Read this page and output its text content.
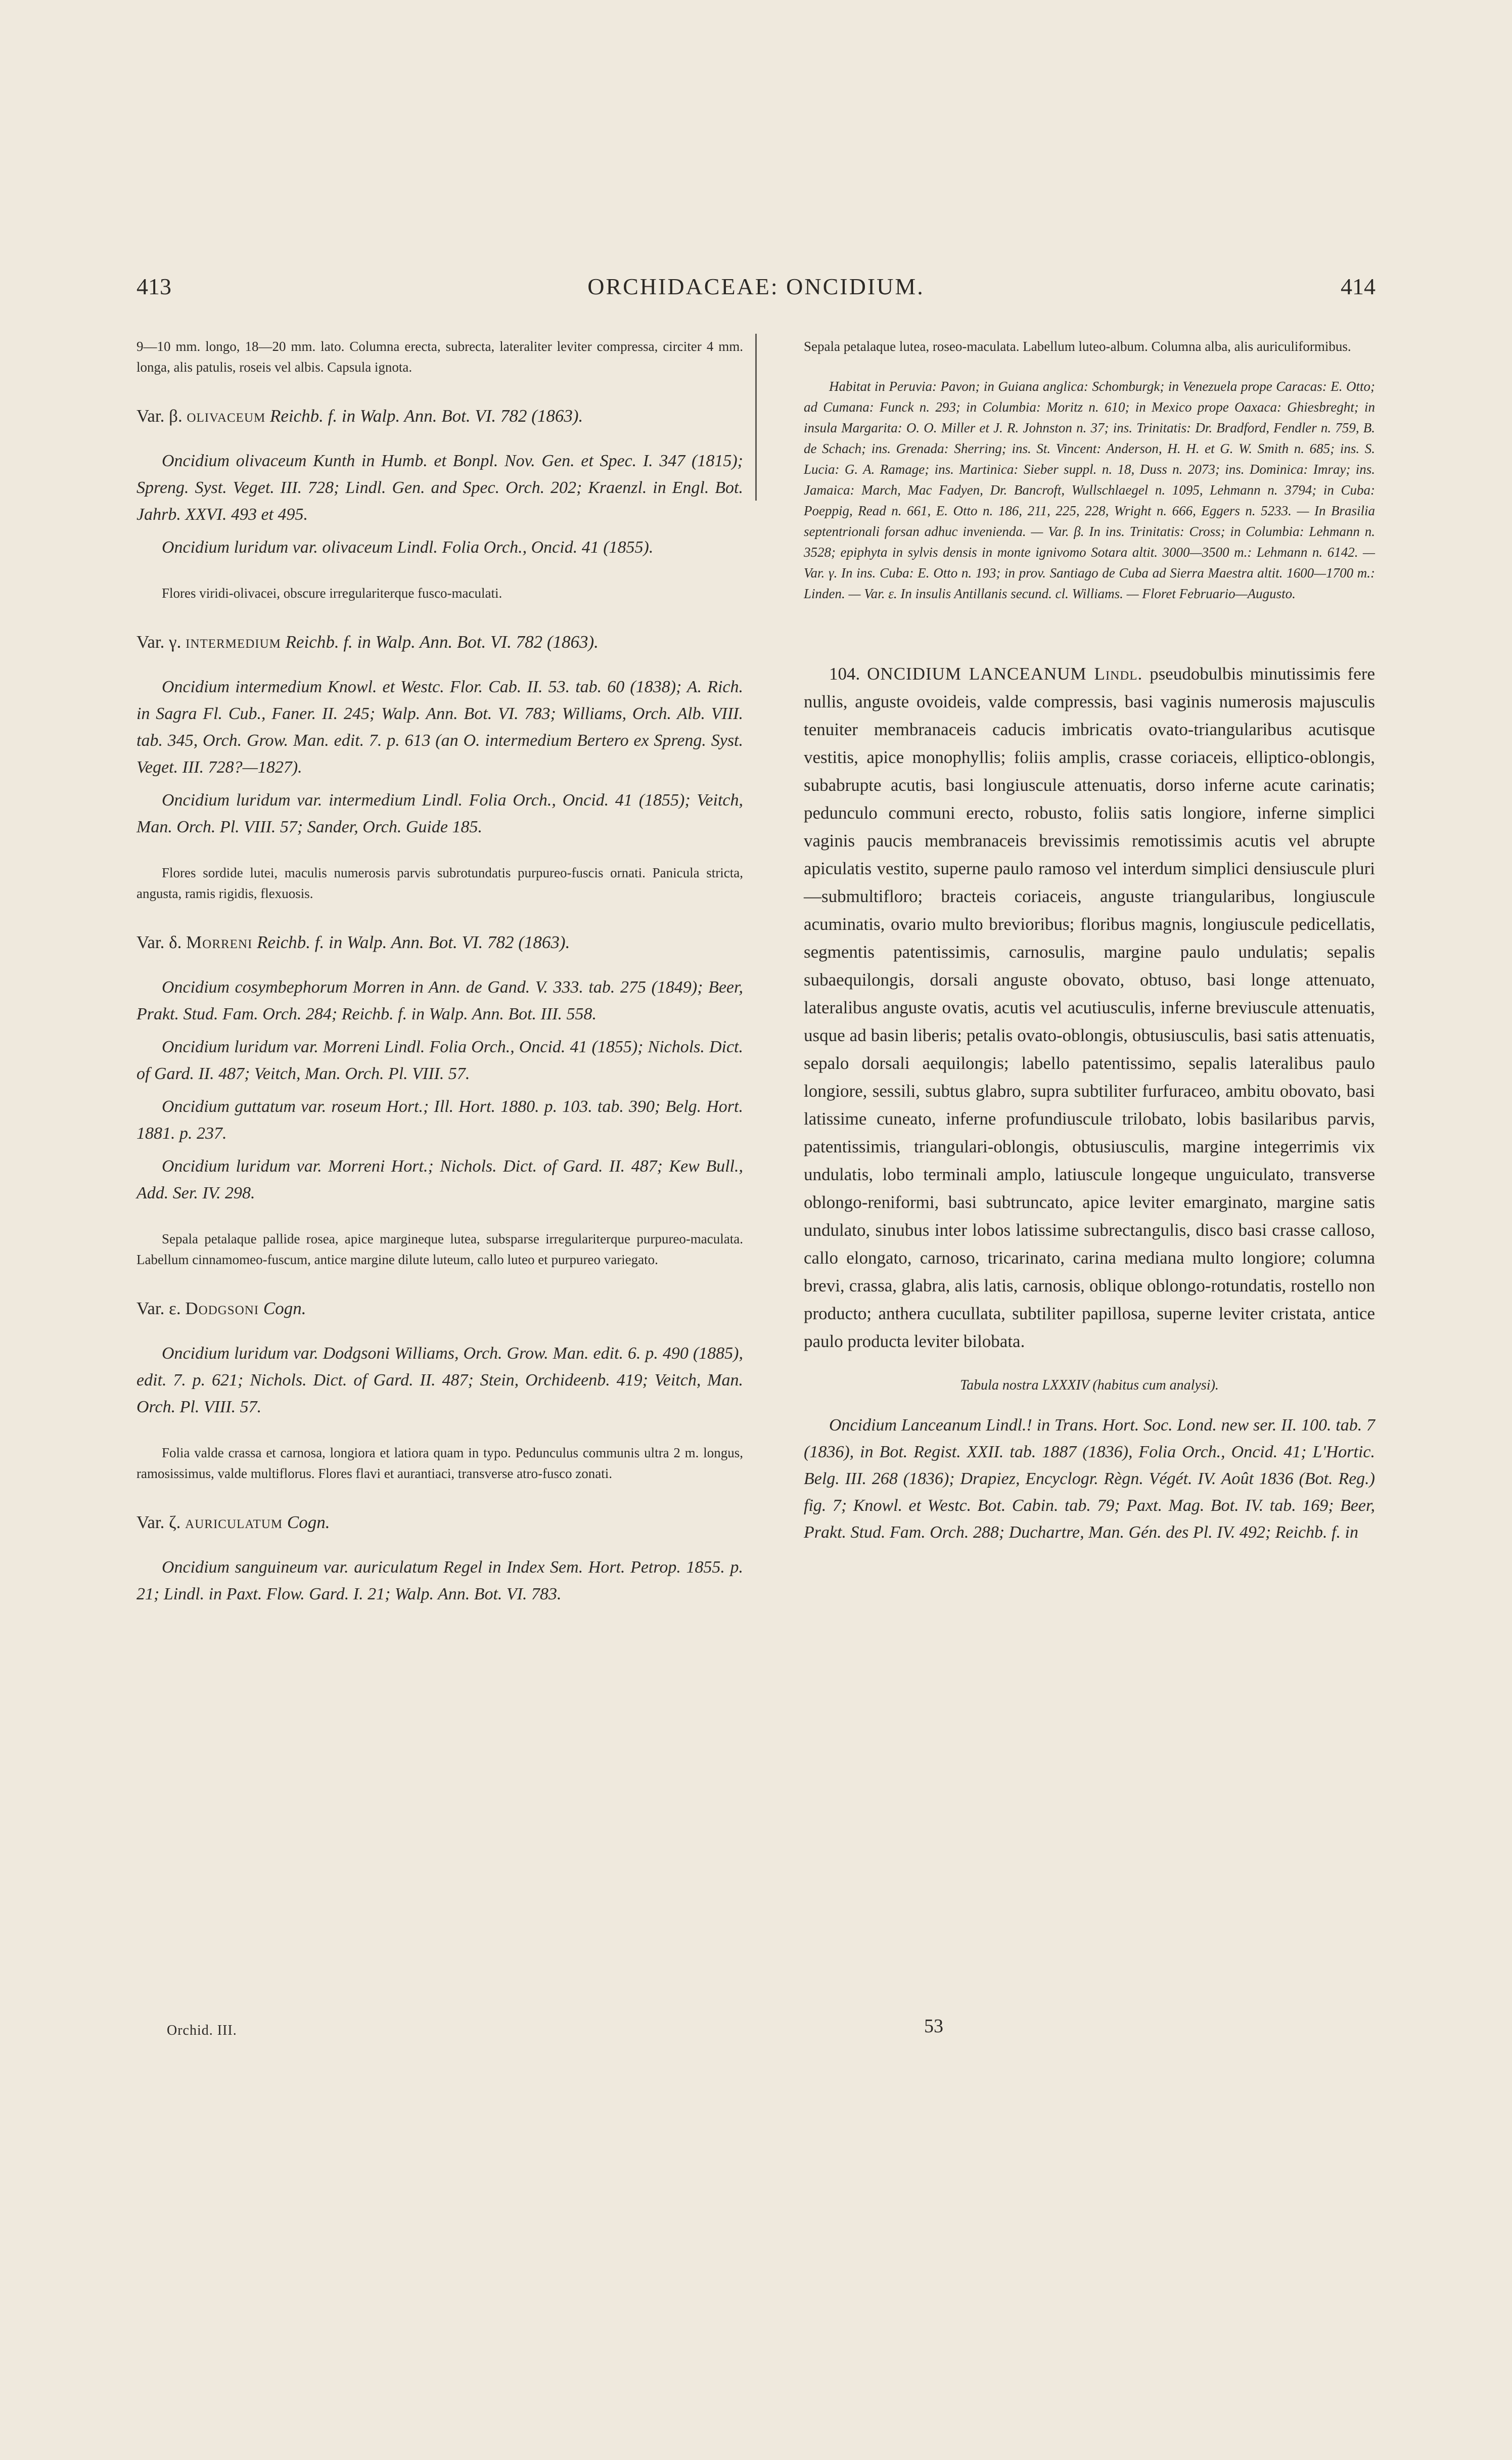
413	ORCHIDACEAE: ONCIDIUM.	414

9—10 mm. longo, 18—20 mm. lato. Columna erecta, subrecta, lateraliter leviter compressa, circiter 4 mm. longa, alis patulis, roseis vel albis. Capsula ignota.

Var. β. olivaceum Reichb. f. in Walp. Ann. Bot. VI. 782 (1863).

Oncidium olivaceum Kunth in Humb. et Bonpl. Nov. Gen. et Spec. I. 347 (1815); Spreng. Syst. Veget. III. 728; Lindl. Gen. and Spec. Orch. 202; Kraenzl. in Engl. Bot. Jahrb. XXVI. 493 et 495.

Oncidium luridum var. olivaceum Lindl. Folia Orch., Oncid. 41 (1855).

Flores viridi-olivacei, obscure irregulariterque fusco-maculati.

Var. γ. intermedium Reichb. f. in Walp. Ann. Bot. VI. 782 (1863).

Oncidium intermedium Knowl. et Westc. Flor. Cab. II. 53. tab. 60 (1838); A. Rich. in Sagra Fl. Cub., Faner. II. 245; Walp. Ann. Bot. VI. 783; Williams, Orch. Alb. VIII. tab. 345, Orch. Grow. Man. edit. 7. p. 613 (an O. intermedium Bertero ex Spreng. Syst. Veget. III. 728?—1827).

Oncidium luridum var. intermedium Lindl. Folia Orch., Oncid. 41 (1855); Veitch, Man. Orch. Pl. VIII. 57; Sander, Orch. Guide 185.

Flores sordide lutei, maculis numerosis parvis subrotundatis purpureo-fuscis ornati. Panicula stricta, angusta, ramis rigidis, flexuosis.

Var. δ. Morreni Reichb. f. in Walp. Ann. Bot. VI. 782 (1863).

Oncidium cosymbephorum Morren in Ann. de Gand. V. 333. tab. 275 (1849); Beer, Prakt. Stud. Fam. Orch. 284; Reichb. f. in Walp. Ann. Bot. III. 558.

Oncidium luridum var. Morreni Lindl. Folia Orch., Oncid. 41 (1855); Nichols. Dict. of Gard. II. 487; Veitch, Man. Orch. Pl. VIII. 57.

Oncidium guttatum var. roseum Hort.; Ill. Hort. 1880. p. 103. tab. 390; Belg. Hort. 1881. p. 237.

Oncidium luridum var. Morreni Hort.; Nichols. Dict. of Gard. II. 487; Kew Bull., Add. Ser. IV. 298.

Sepala petalaque pallide rosea, apice margineque lutea, subsparse irregulariterque purpureo-maculata. Labellum cinnamomeo-fuscum, antice margine dilute luteum, callo luteo et purpureo variegato.

Var. ε. Dodgsoni Cogn.

Oncidium luridum var. Dodgsoni Williams, Orch. Grow. Man. edit. 6. p. 490 (1885), edit. 7. p. 621; Nichols. Dict. of Gard. II. 487; Stein, Orchideenb. 419; Veitch, Man. Orch. Pl. VIII. 57.

Folia valde crassa et carnosa, longiora et latiora quam in typo. Pedunculus communis ultra 2 m. longus, ramosissimus, valde multiflorus. Flores flavi et aurantiaci, transverse atro-fusco zonati.

Var. ζ. auriculatum Cogn.

Oncidium sanguineum var. auriculatum Regel in Index Sem. Hort. Petrop. 1855. p. 21; Lindl. in Paxt. Flow. Gard. I. 21; Walp. Ann. Bot. VI. 783.

Sepala petalaque lutea, roseo-maculata. Labellum luteo-album. Columna alba, alis auriculiformibus.

Habitat in Peruvia: Pavon; in Guiana anglica: Schomburgk; in Venezuela prope Caracas: E. Otto; ad Cumana: Funck n. 293; in Columbia: Moritz n. 610; in Mexico prope Oaxaca: Ghiesbreght; in insula Margarita: O. O. Miller et J. R. Johnston n. 37; ins. Trinitatis: Dr. Bradford, Fendler n. 759, B. de Schach; ins. Grenada: Sherring; ins. St. Vincent: Anderson, H. H. et G. W. Smith n. 685; ins. S. Lucia: G. A. Ramage; ins. Martinica: Sieber suppl. n. 18, Duss n. 2073; ins. Dominica: Imray; ins. Jamaica: March, Mac Fadyen, Dr. Bancroft, Wullschlaegel n. 1095, Lehmann n. 3794; in Cuba: Poeppig, Read n. 661, E. Otto n. 186, 211, 225, 228, Wright n. 666, Eggers n. 5233. — In Brasilia septentrionali forsan adhuc invenienda. — Var. β. In ins. Trinitatis: Cross; in Columbia: Lehmann n. 3528; epiphyta in sylvis densis in monte ignivomo Sotara altit. 3000—3500 m.: Lehmann n. 6142. — Var. γ. In ins. Cuba: E. Otto n. 193; in prov. Santiago de Cuba ad Sierra Maestra altit. 1600—1700 m.: Linden. — Var. ε. In insulis Antillanis secund. cl. Williams. — Floret Februario—Augusto.

104. ONCIDIUM LANCEANUM Lindl. pseudobulbis minutissimis fere nullis, anguste ovoideis, valde compressis, basi vaginis numerosis majusculis tenuiter membranaceis caducis imbricatis ovato-triangularibus acutisque vestitis, apice monophyllis; foliis amplis, crasse coriaceis, elliptico-oblongis, subabrupte acutis, basi longiuscule attenuatis, dorso inferne acute carinatis; pedunculo communi erecto, robusto, foliis satis longiore, inferne simplici vaginis paucis membranaceis brevissimis remotissimis acutis vel abrupte apiculatis vestito, superne paulo ramoso vel interdum simplici densiuscule pluri—submultifloro; bracteis coriaceis, anguste triangularibus, longiuscule acuminatis, ovario multo brevioribus; floribus magnis, longiuscule pedicellatis, segmentis patentissimis, carnosulis, margine paulo undulatis; sepalis subaequilongis, dorsali anguste obovato, obtuso, basi longe attenuato, lateralibus anguste ovatis, acutis vel acutiusculis, inferne breviuscule attenuatis, usque ad basin liberis; petalis ovato-oblongis, obtusiusculis, basi satis attenuatis, sepalo dorsali aequilongis; labello patentissimo, sepalis lateralibus paulo longiore, sessili, subtus glabro, supra subtiliter furfuraceo, ambitu obovato, basi latissime cuneato, inferne profundiuscule trilobato, lobis basilaribus parvis, patentissimis, triangulari-oblongis, obtusiusculis, margine integerrimis vix undulatis, lobo terminali amplo, latiuscule longeque unguiculato, transverse oblongo-reniformi, basi subtruncato, apice leviter emarginato, margine satis undulato, sinubus inter lobos latissime subrectangulis, disco basi crasse calloso, callo elongato, carnoso, tricarinato, carina mediana multo longiore; columna brevi, crassa, glabra, alis latis, carnosis, oblique oblongo-rotundatis, rostello non producto; anthera cucullata, subtiliter papillosa, superne leviter cristata, antice paulo producta leviter bilobata.

Tabula nostra LXXXIV (habitus cum analysi).

Oncidium Lanceanum Lindl.! in Trans. Hort. Soc. Lond. new ser. II. 100. tab. 7 (1836), in Bot. Regist. XXII. tab. 1887 (1836), Folia Orch., Oncid. 41; L'Hortic. Belg. III. 268 (1836); Drapiez, Encyclogr. Règn. Végét. IV. Août 1836 (Bot. Reg.) fig. 7; Knowl. et Westc. Bot. Cabin. tab. 79; Paxt. Mag. Bot. IV. tab. 169; Beer, Prakt. Stud. Fam. Orch. 288; Duchartre, Man. Gén. des Pl. IV. 492; Reichb. f. in

Orchid. III.	53
